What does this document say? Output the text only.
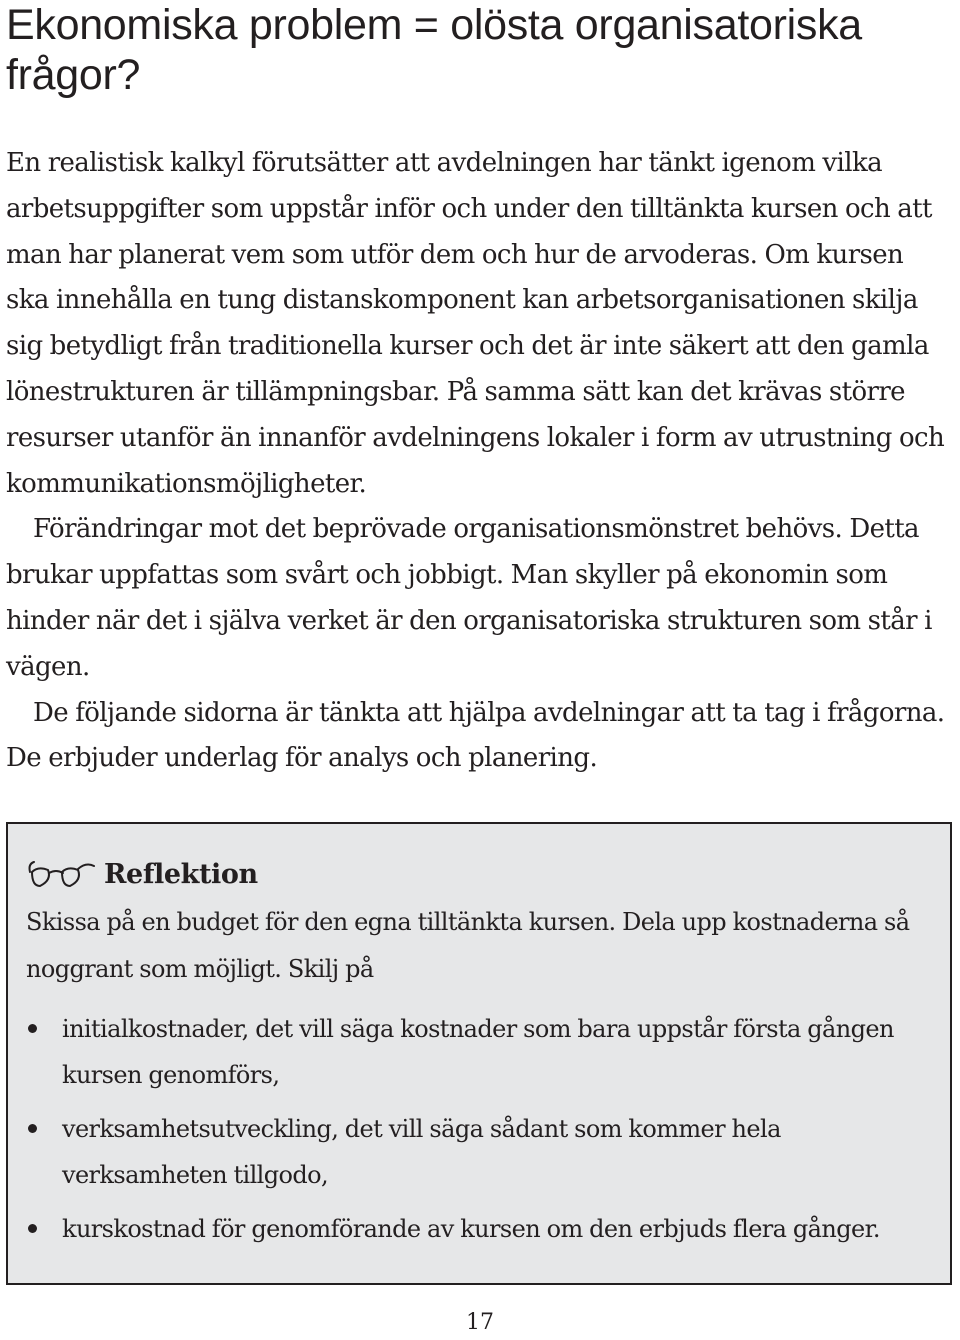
Ekonomiska problem = olösta organisatoriska frågor?

En realistisk kalkyl förutsätter att avdelningen har tänkt igenom vilka arbetsuppgifter som uppstår inför och under den tilltänkta kursen och att man har planerat vem som utför dem och hur de arvoderas. Om kursen ska innehålla en tung distanskomponent kan arbetsorganisationen skilja sig betydligt från traditionella kurser och det är inte säkert att den gamla lönestrukturen är tillämpningsbar. På samma sätt kan det krävas större resurser utanför än innanför avdelningens lokaler i form av utrustning och kommunikationsmöjligheter.

Förändringar mot det beprövade organisationsmönstret behövs. Detta brukar uppfattas som svårt och jobbigt. Man skyller på ekonomin som hinder när det i själva verket är den organisatoriska strukturen som står i vägen.

De följande sidorna är tänkta att hjälpa avdelningar att ta tag i frågorna. De erbjuder underlag för analys och planering.

Reflektion

Skissa på en budget för den egna tilltänkta kursen. Dela upp kostnaderna så noggrant som möjligt. Skilj på

initialkostnader, det vill säga kostnader som bara uppstår första gången kursen genomförs,
verksamhetsutveckling, det vill säga sådant som kommer hela verksamheten tillgodo,
kurskostnad för genomförande av kursen om den erbjuds flera gånger.
17
